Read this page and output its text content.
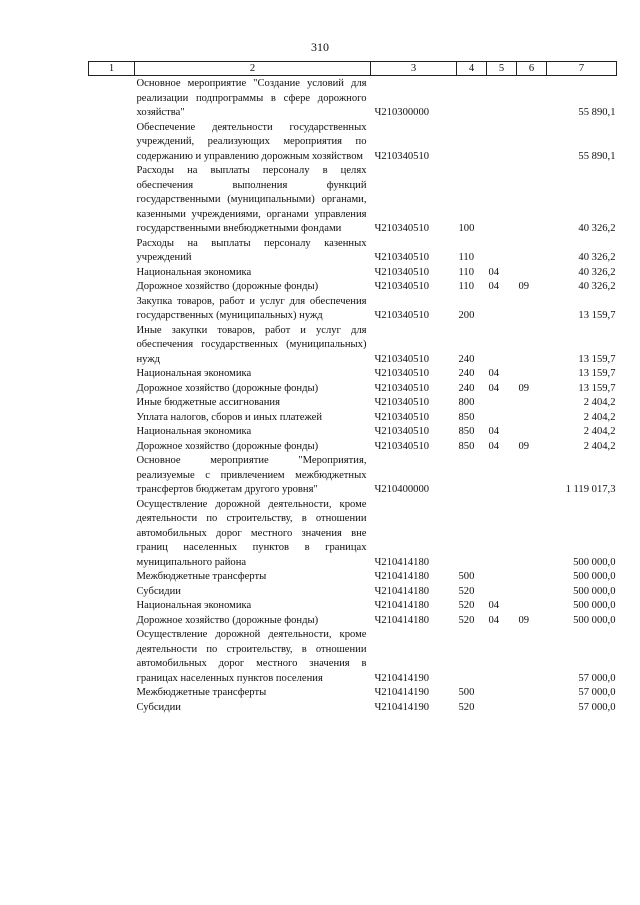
310
1	2	3	4	5	6	7
	Основное мероприятие "Создание условий для реализации подпрограммы в сфере дорожного хозяйства"	Ч210300000				55 890,1
	Обеспечение деятельности государственных учреждений, реализующих мероприятия по содержанию и управлению дорожным хозяйством	Ч210340510				55 890,1
	Расходы на выплаты персоналу в целях обеспечения выполнения функций государственными (муниципальными) органами, казенными учреждениями, органами управления государственными внебюджетными фондами	Ч210340510	100			40 326,2
	Расходы на выплаты персоналу казенных учреждений	Ч210340510	110			40 326,2
	Национальная экономика	Ч210340510	110	04		40 326,2
	Дорожное хозяйство (дорожные фонды)	Ч210340510	110	04	09	40 326,2
	Закупка товаров, работ и услуг для обеспечения государственных (муниципальных) нужд	Ч210340510	200			13 159,7
	Иные закупки товаров, работ и услуг для обеспечения государственных (муниципальных) нужд	Ч210340510	240			13 159,7
	Национальная экономика	Ч210340510	240	04		13 159,7
	Дорожное хозяйство (дорожные фонды)	Ч210340510	240	04	09	13 159,7
	Иные бюджетные ассигнования	Ч210340510	800			2 404,2
	Уплата налогов, сборов и иных платежей	Ч210340510	850			2 404,2
	Национальная экономика	Ч210340510	850	04		2 404,2
	Дорожное хозяйство (дорожные фонды)	Ч210340510	850	04	09	2 404,2
	Основное мероприятие "Мероприятия, реализуемые с привлечением межбюджетных трансфертов бюджетам другого уровня"	Ч210400000				1 119 017,3
	Осуществление дорожной деятельности, кроме деятельности по строительству, в отношении автомобильных дорог местного значения вне границ населенных пунктов в границах муниципального района	Ч210414180				500 000,0
	Межбюджетные трансферты	Ч210414180	500			500 000,0
	Субсидии	Ч210414180	520			500 000,0
	Национальная экономика	Ч210414180	520	04		500 000,0
	Дорожное хозяйство (дорожные фонды)	Ч210414180	520	04	09	500 000,0
	Осуществление дорожной деятельности, кроме деятельности по строительству, в отношении автомобильных дорог местного значения в границах населенных пунктов поселения	Ч210414190				57 000,0
	Межбюджетные трансферты	Ч210414190	500			57 000,0
	Субсидии	Ч210414190	520			57 000,0
